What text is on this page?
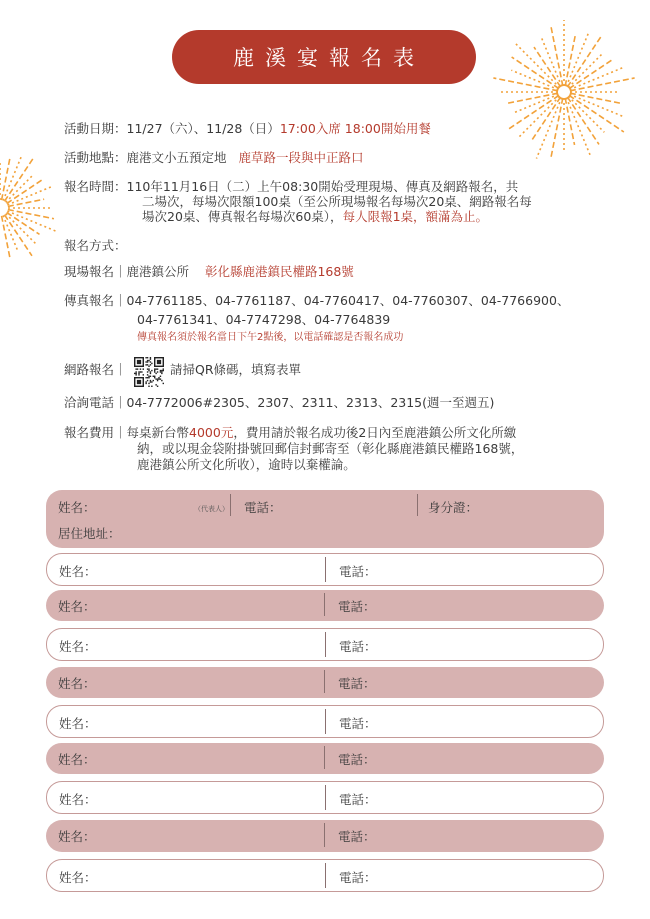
鹿溪宴報名表
活動日期：11/27（六）、11/28（日）17:00入席 18:00開始用餐
活動地點：鹿港文小五預定地 鹿草路一段與中正路口
報名時間：110年11月16日（二）上午08:30開始受理現場、傳真及網路報名，共
二場次，每場次限額100桌（至公所現場報名每場次20桌、網路報名每
場次20桌、傳真報名每場次60桌），每人限報1桌，額滿為止。
報名方式：
現場報名｜鹿港鎮公所 彰化縣鹿港鎮民權路168號
傳真報名｜04-7761185、04-7761187、04-7760417、04-7760307、04-7766900、
04-7761341、04-7747298、04-7764839
傳真報名須於報名當日下午2點後，以電話確認是否報名成功
網路報名｜	請掃QR條碼，填寫表單
洽詢電話｜04-7772006#2305、2307、2311、2313、2315(週一至週五)
報名費用｜每桌新台幣4000元，費用請於報名成功後2日內至鹿港鎮公所文化所繳
納，或以現金袋附掛號回郵信封郵寄至（彰化縣鹿港鎮民權路168號，
鹿港鎮公所文化所收），逾時以棄權論。
姓名：	（代表人） 電話：	身分證：
居住地址：
姓名：	電話：
姓名：	電話：
姓名：	電話：
姓名：	電話：
姓名：	電話：
姓名：	電話：
姓名：	電話：
姓名：	電話：
姓名：	電話：
